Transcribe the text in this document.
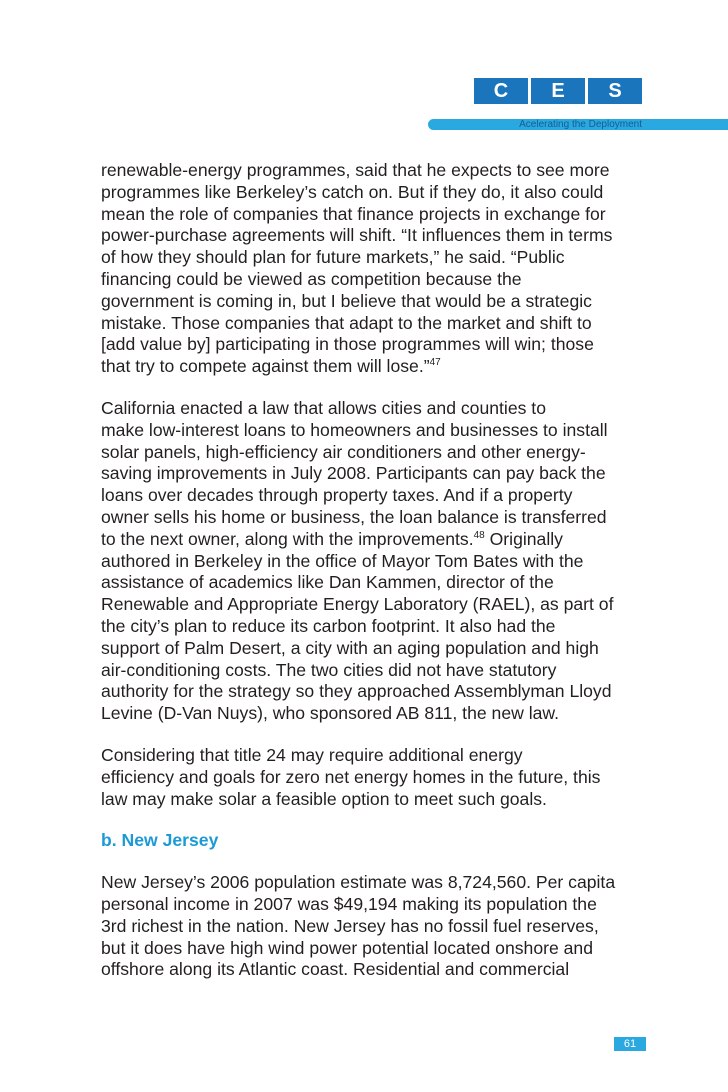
C	E	S
Acelerating the Deployment

renewable-energy programmes, said that he expects to see more
programmes like Berkeley’s catch on. But if they do, it also could
mean the role of companies that finance projects in exchange for
power-purchase agreements will shift. “It influences them in terms
of how they should plan for future markets,” he said. “Public
financing could be viewed as competition because the
government is coming in, but I believe that would be a strategic
mistake. Those companies that adapt to the market and shift to
[add value by] participating in those programmes will win; those
that try to compete against them will lose.”$^{47}$

California enacted a law that allows cities and counties to
make low-interest loans to homeowners and businesses to install
solar panels, high-efficiency air conditioners and other energy-
saving improvements in July 2008. Participants can pay back the
loans over decades through property taxes. And if a property
owner sells his home or business, the loan balance is transferred
to the next owner, along with the improvements.$^{48}$ Originally
authored in Berkeley in the office of Mayor Tom Bates with the
assistance of academics like Dan Kammen, director of the
Renewable and Appropriate Energy Laboratory (RAEL), as part of
the city’s plan to reduce its carbon footprint. It also had the
support of Palm Desert, a city with an aging population and high
air-conditioning costs. The two cities did not have statutory
authority for the strategy so they approached Assemblyman Lloyd
Levine (D-Van Nuys), who sponsored AB 811, the new law.

Considering that title 24 may require additional energy
efficiency and goals for zero net energy homes in the future, this
law may make solar a feasible option to meet such goals.

b. New Jersey

New Jersey’s 2006 population estimate was 8,724,560. Per capita
personal income in 2007 was $49,194 making its population the
3rd richest in the nation. New Jersey has no fossil fuel reserves,
but it does have high wind power potential located onshore and
offshore along its Atlantic coast. Residential and commercial

61
